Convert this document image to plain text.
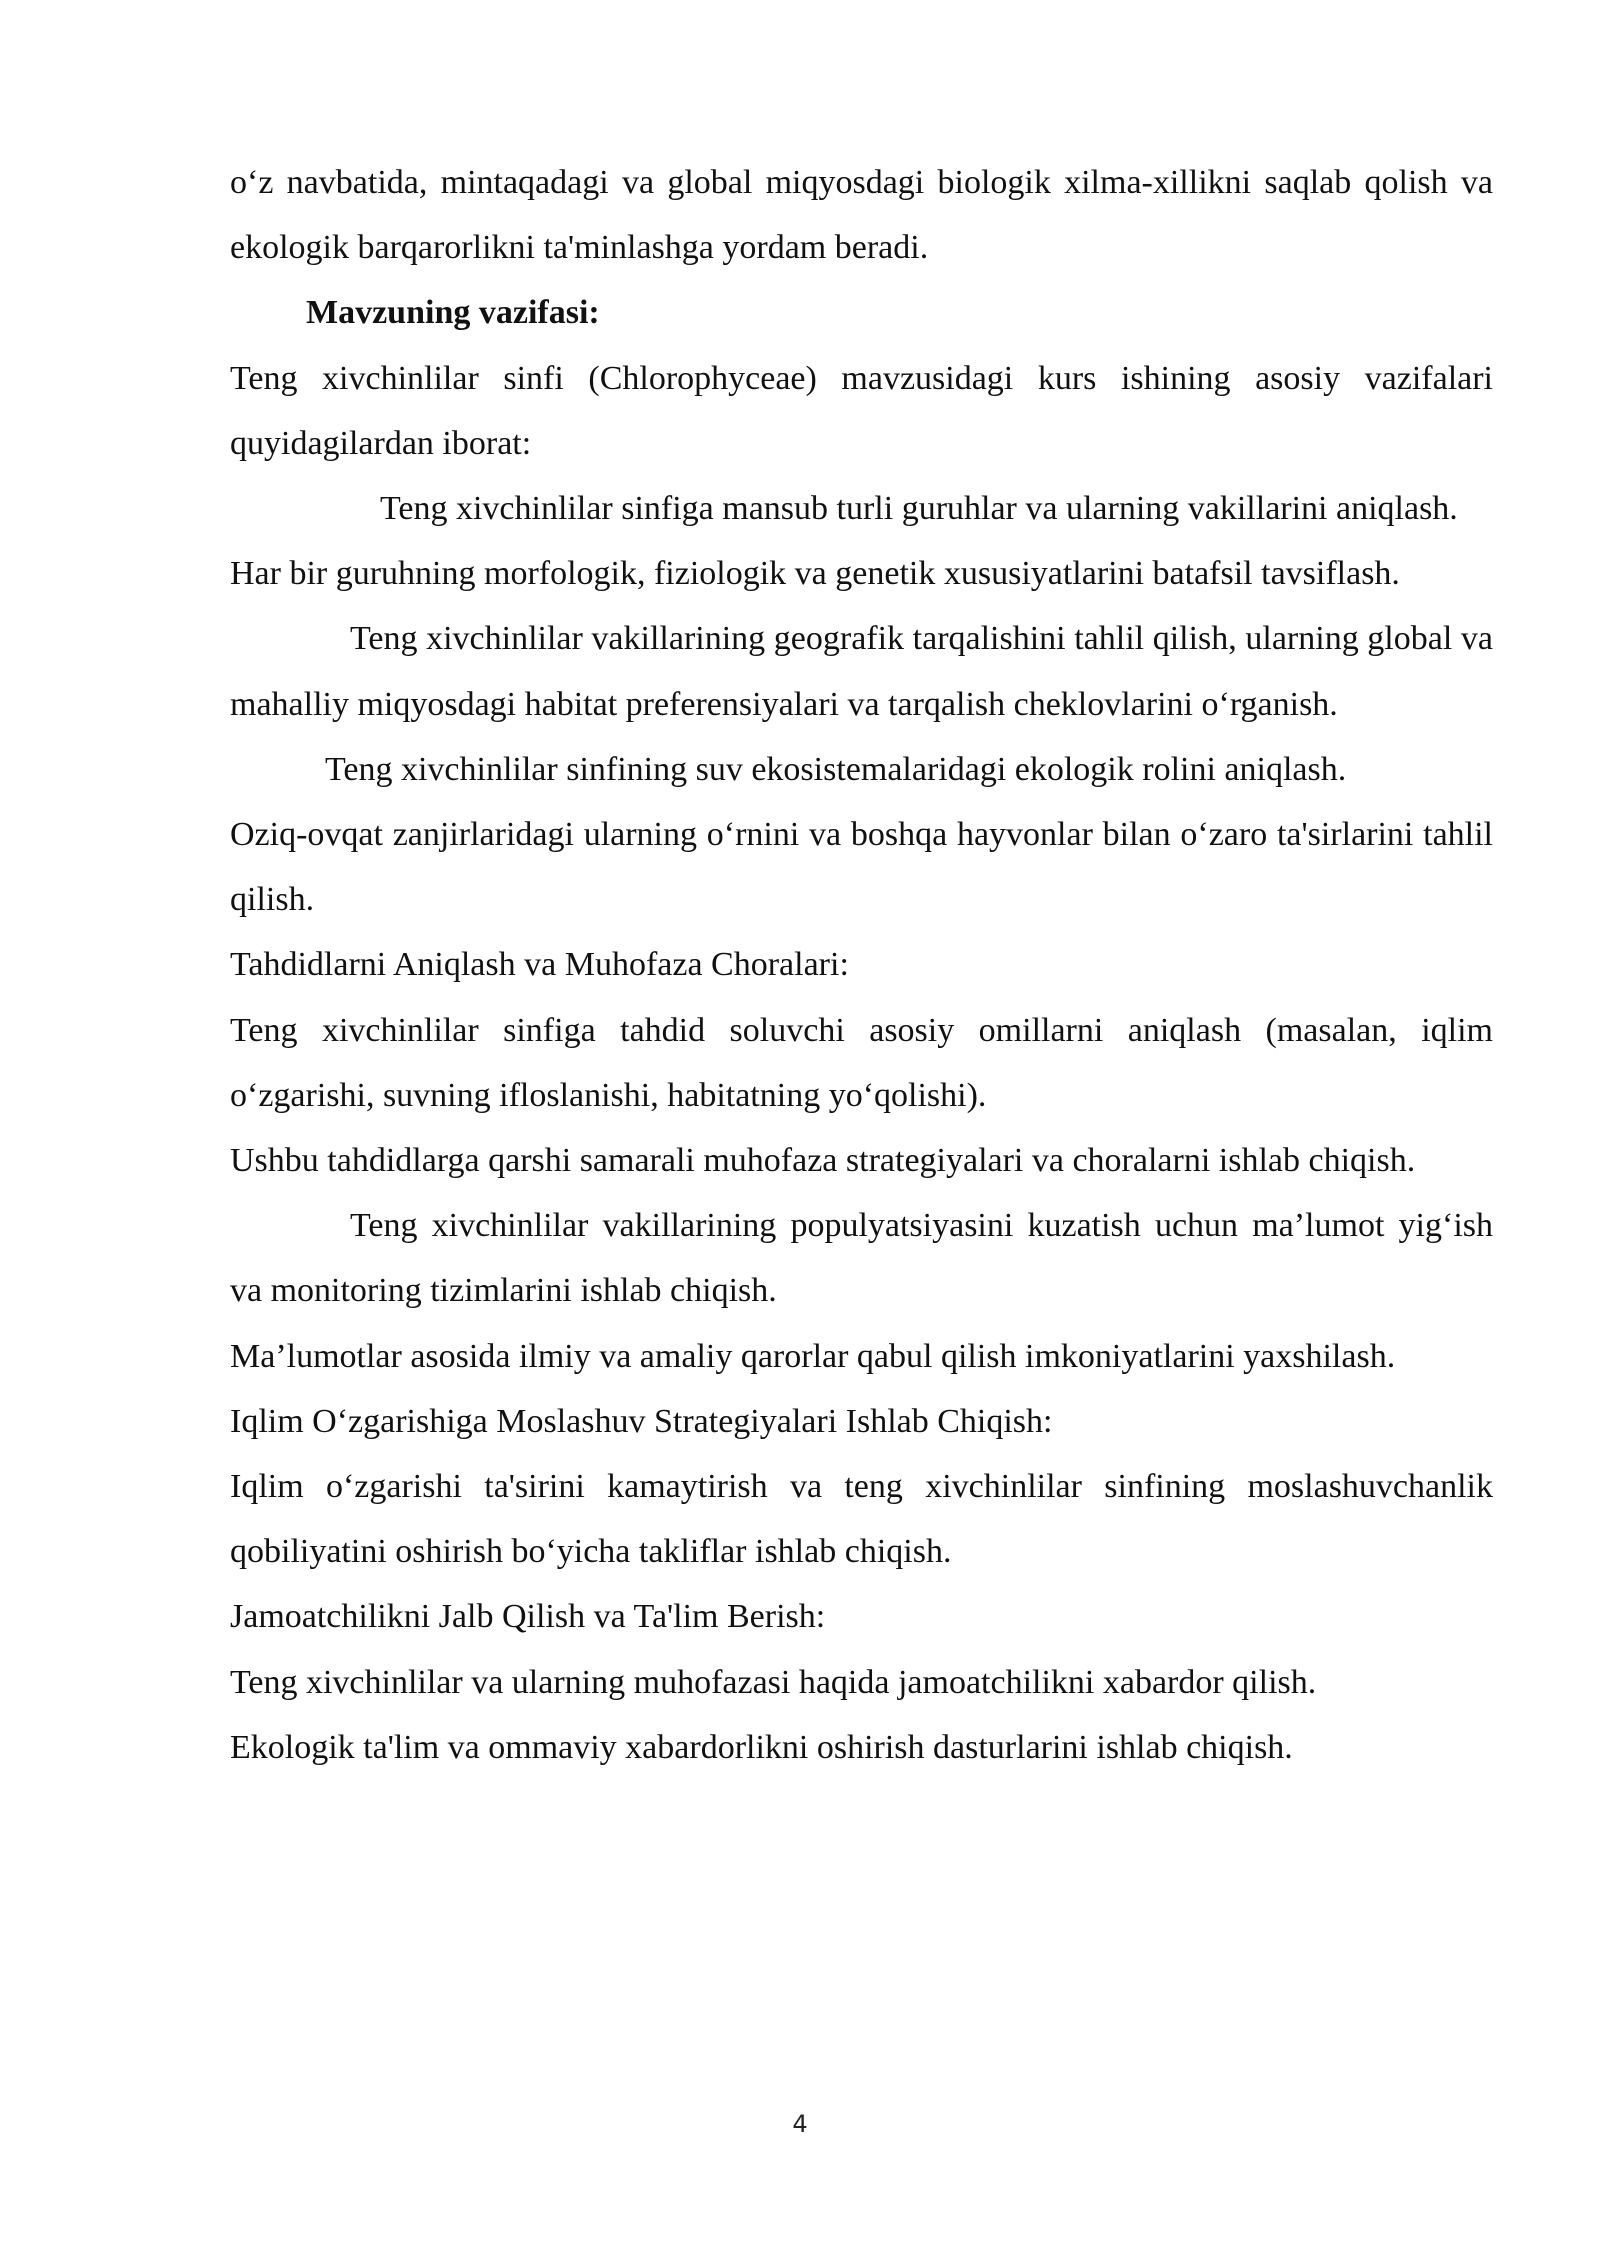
o‘z navbatida, mintaqadagi va global miqyosdagi biologik xilma-xillikni saqlab qolish va ekologik barqarorlikni ta'minlashga yordam beradi.

Mavzuning vazifasi:

Teng xivchinlilar sinfi (Chlorophyceae) mavzusidagi kurs ishining asosiy vazifalari quyidagilardan iborat:

Teng xivchinlilar sinfiga mansub turli guruhlar va ularning vakillarini aniqlash.

Har bir guruhning morfologik, fiziologik va genetik xususiyatlarini batafsil tavsiflash.

Teng xivchinlilar vakillarining geografik tarqalishini tahlil qilish, ularning global va mahalliy miqyosdagi habitat preferensiyalari va tarqalish cheklovlarini o‘rganish.

Teng xivchinlilar sinfining suv ekosistemalaridagi ekologik rolini aniqlash.

Oziq-ovqat zanjirlaridagi ularning o‘rnini va boshqa hayvonlar bilan o‘zaro ta'sirlarini tahlil qilish.

Tahdidlarni Aniqlash va Muhofaza Choralari:

Teng xivchinlilar sinfiga tahdid soluvchi asosiy omillarni aniqlash (masalan, iqlim o‘zgarishi, suvning ifloslanishi, habitatning yo‘qolishi).

Ushbu tahdidlarga qarshi samarali muhofaza strategiyalari va choralarni ishlab chiqish.

Teng xivchinlilar vakillarining populyatsiyasini kuzatish uchun ma’lumot yig‘ish va monitoring tizimlarini ishlab chiqish.

Ma’lumotlar asosida ilmiy va amaliy qarorlar qabul qilish imkoniyatlarini yaxshilash.

Iqlim O‘zgarishiga Moslashuv Strategiyalari Ishlab Chiqish:

Iqlim o‘zgarishi ta'sirini kamaytirish va teng xivchinlilar sinfining moslashuvchanlik qobiliyatini oshirish bo‘yicha takliflar ishlab chiqish.

Jamoatchilikni Jalb Qilish va Ta'lim Berish:

Teng xivchinlilar va ularning muhofazasi haqida jamoatchilikni xabardor qilish.

Ekologik ta'lim va ommaviy xabardorlikni oshirish dasturlarini ishlab chiqish.

4
